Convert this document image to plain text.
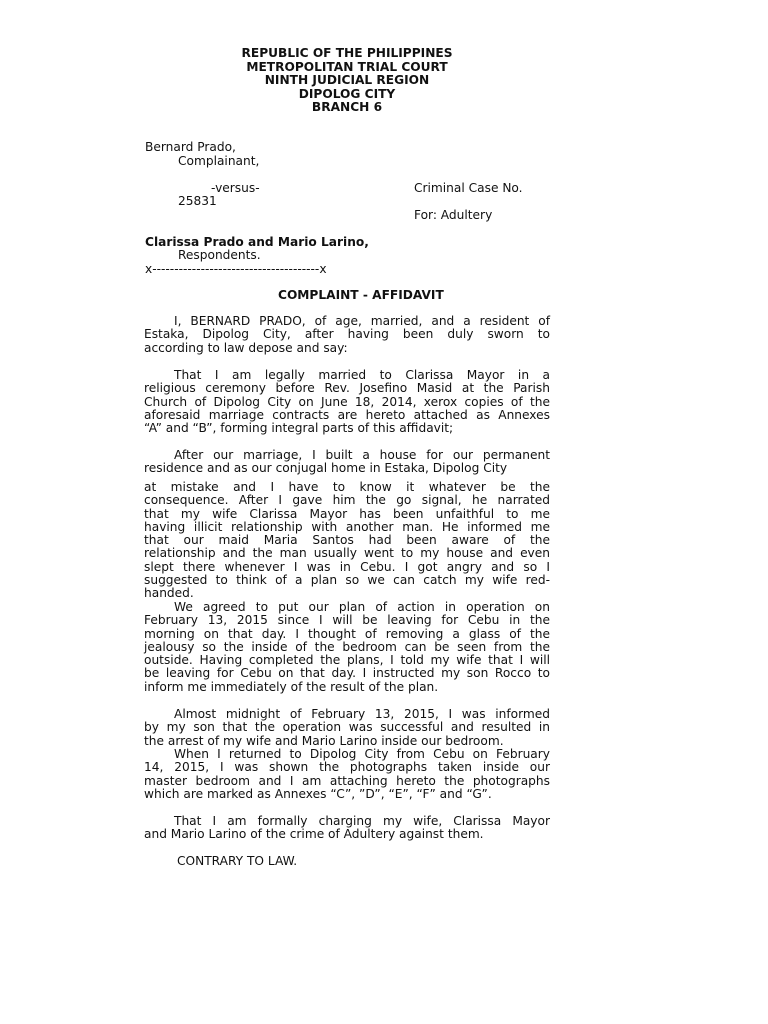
REPUBLIC OF THE PHILIPPINES
METROPOLITAN TRIAL COURT
NINTH JUDICIAL REGION
DIPOLOG CITY
BRANCH 6
Bernard Prado,
Complainant,
-versus-	Criminal Case No.
25831
For: Adultery
Clarissa Prado and Mario Larino,
Respondents.
x--------------------------------------x
COMPLAINT - AFFIDAVIT
I, BERNARD PRADO, of age, married, and a resident of
Estaka, Dipolog City, after having been duly sworn to
according to law depose and say:
That I am legally married to Clarissa Mayor in a
religious ceremony before Rev. Josefino Masid at the Parish
Church of Dipolog City on June 18, 2014, xerox copies of the
aforesaid marriage contracts are hereto attached as Annexes
“A” and “B”, forming integral parts of this affidavit;
After our marriage, I built a house for our permanent
residence and as our conjugal home in Estaka, Dipolog City
at mistake and I have to know it whatever be the
consequence. After I gave him the go signal, he narrated
that my wife Clarissa Mayor has been unfaithful to me
having illicit relationship with another man. He informed me
that our maid Maria Santos had been aware of the
relationship and the man usually went to my house and even
slept there whenever I was in Cebu. I got angry and so I
suggested to think of a plan so we can catch my wife red-
handed.
We agreed to put our plan of action in operation on
February 13, 2015 since I will be leaving for Cebu in the
morning on that day. I thought of removing a glass of the
jealousy so the inside of the bedroom can be seen from the
outside. Having completed the plans, I told my wife that I will
be leaving for Cebu on that day. I instructed my son Rocco to
inform me immediately of the result of the plan.
Almost midnight of February 13, 2015, I was informed
by my son that the operation was successful and resulted in
the arrest of my wife and Mario Larino inside our bedroom.
When I returned to Dipolog City from Cebu on February
14, 2015, I was shown the photographs taken inside our
master bedroom and I am attaching hereto the photographs
which are marked as Annexes “C”, ”D”, “E”, “F” and “G”.
That I am formally charging my wife, Clarissa Mayor
and Mario Larino of the crime of Adultery against them.
CONTRARY TO LAW.
